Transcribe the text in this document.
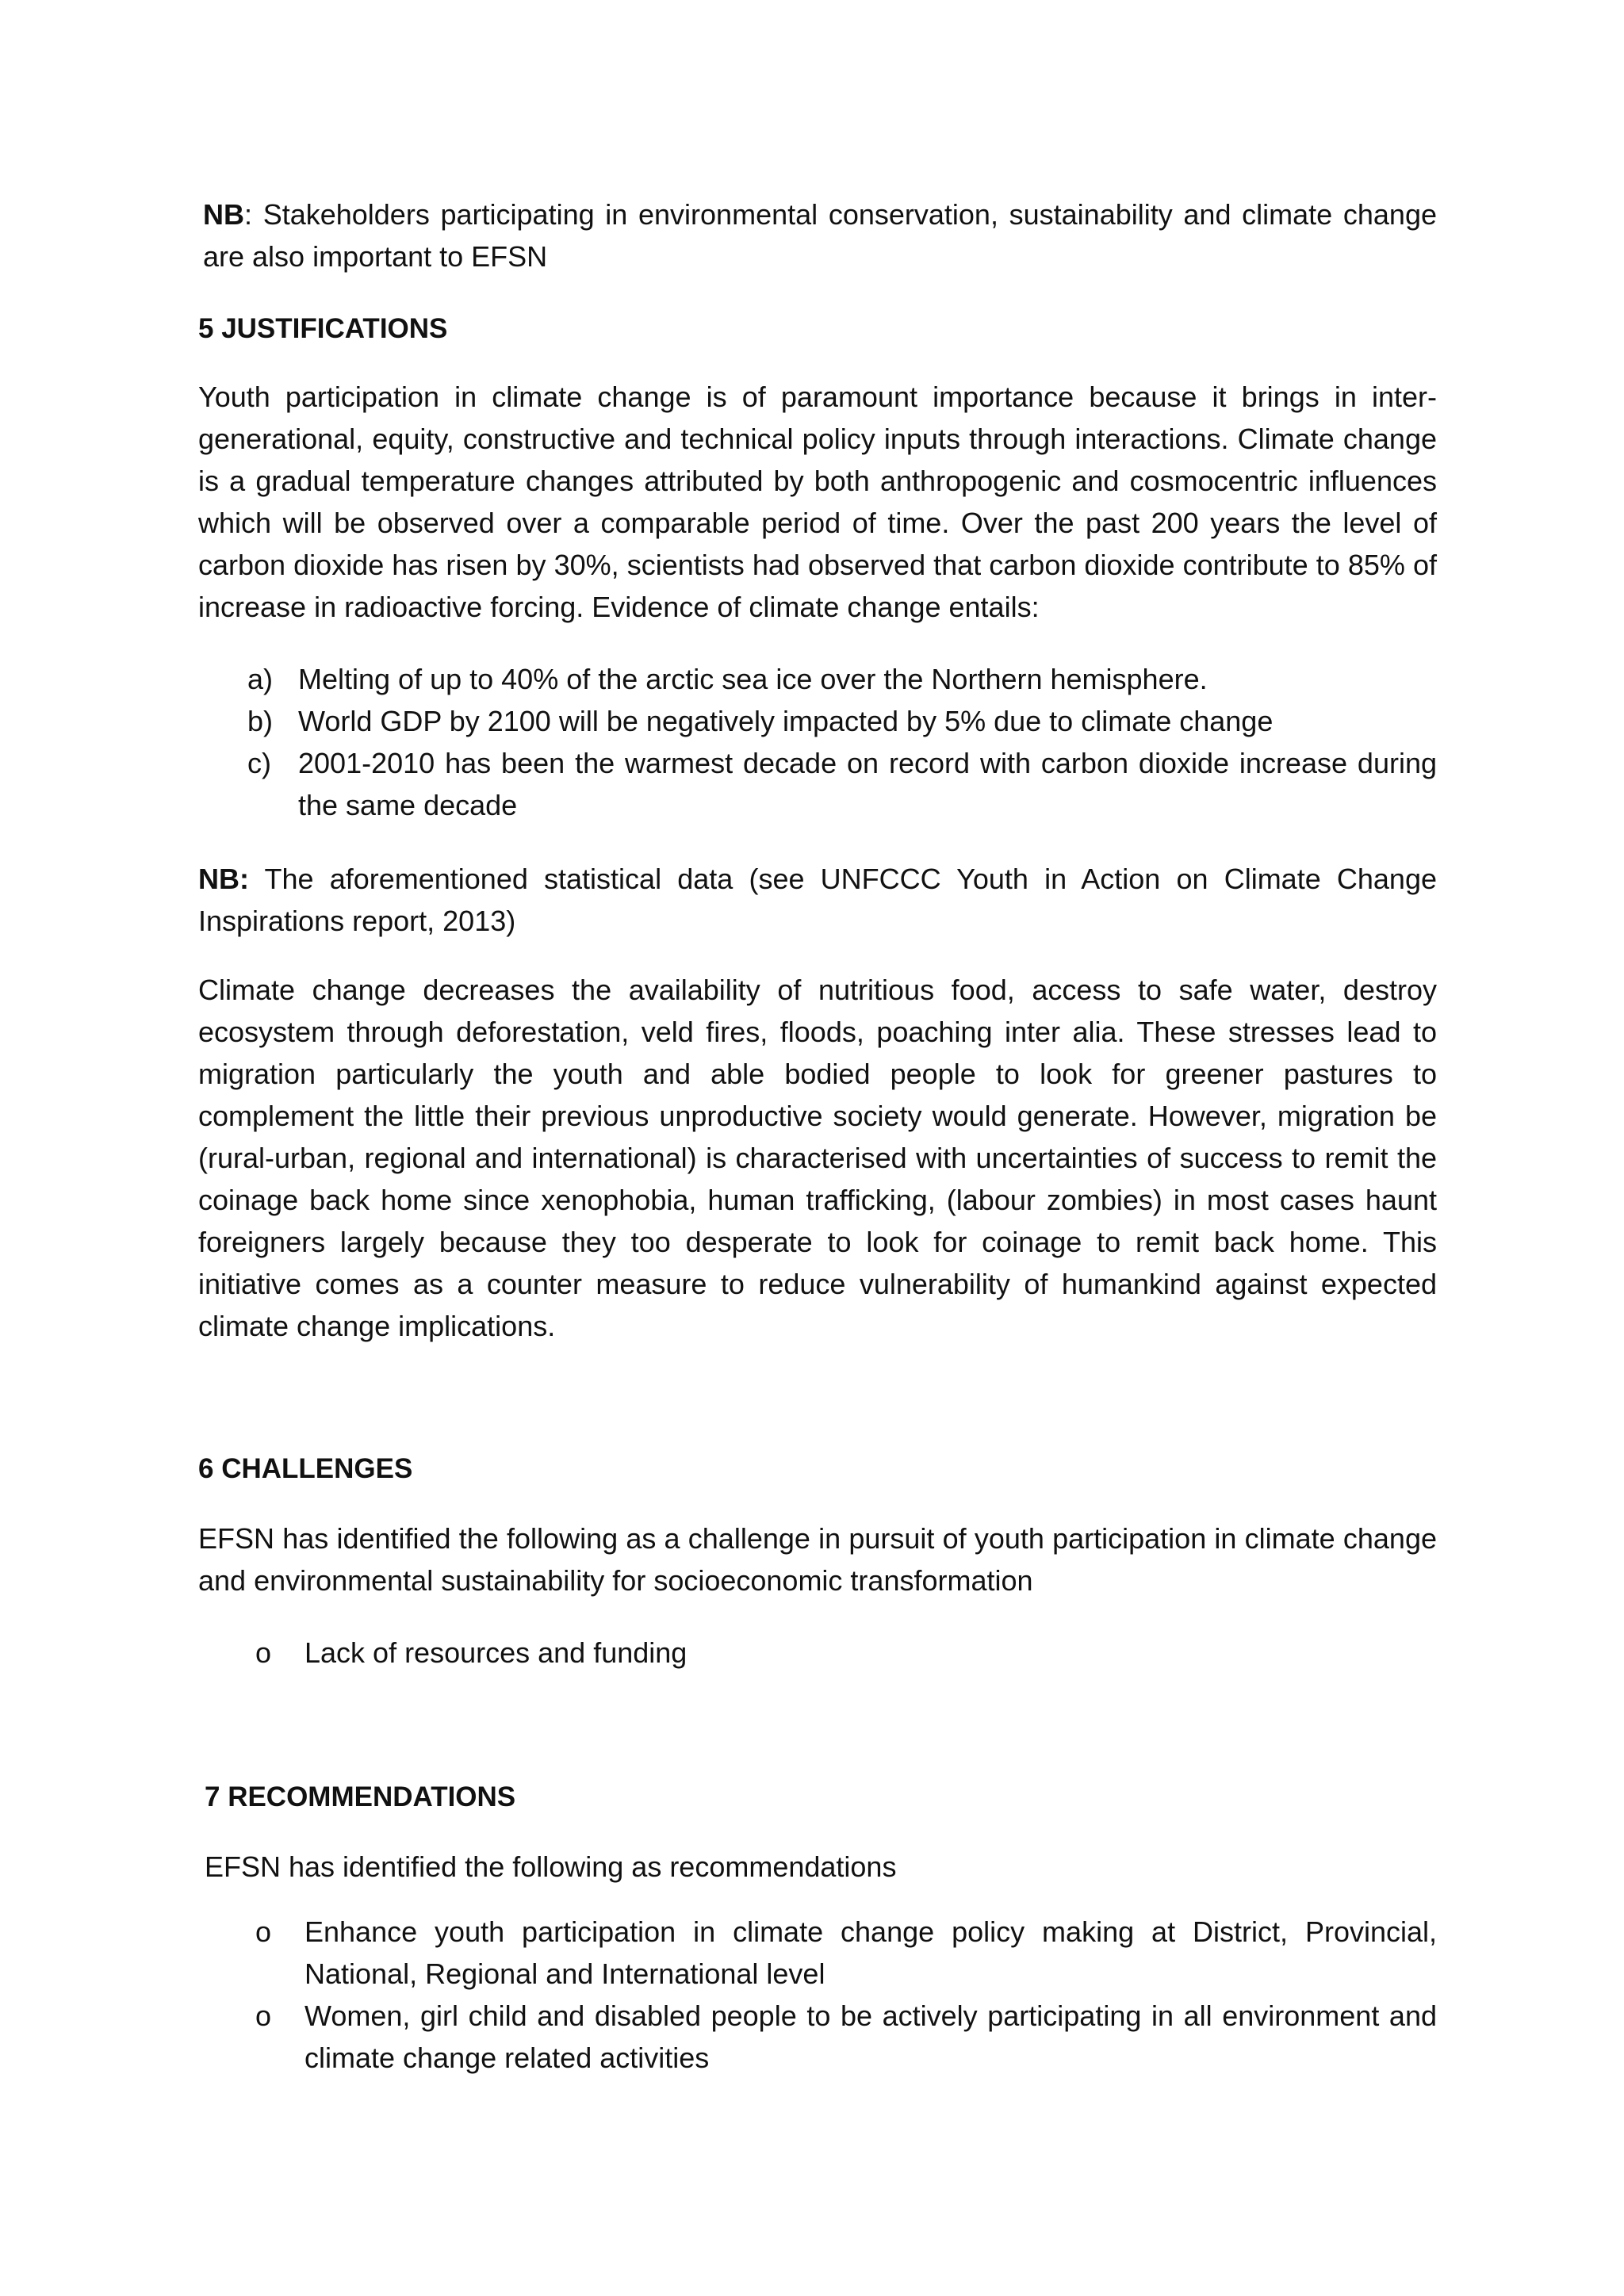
NB: Stakeholders participating in environmental conservation, sustainability and climate change are also important to EFSN

5 JUSTIFICATIONS

Youth participation in climate change is of paramount importance because it brings in inter-generational, equity, constructive and technical policy inputs through interactions. Climate change is a gradual temperature changes attributed by both anthropogenic and cosmocentric influences which will be observed over a comparable period of time. Over the past 200 years the level of carbon dioxide has risen by 30%, scientists had observed that carbon dioxide contribute to 85% of increase in radioactive forcing. Evidence of climate change entails:

a) Melting of up to 40% of the arctic sea ice over the Northern hemisphere.
b) World GDP by 2100 will be negatively impacted by 5% due to climate change
c) 2001-2010 has been the warmest decade on record with carbon dioxide increase during the same decade

NB: The aforementioned statistical data (see UNFCCC Youth in Action on Climate Change Inspirations report, 2013)

Climate change decreases the availability of nutritious food, access to safe water, destroy ecosystem through deforestation, veld fires, floods, poaching inter alia. These stresses lead to migration particularly the youth and able bodied people to look for greener pastures to complement the little their previous unproductive society would generate. However, migration be (rural-urban, regional and international) is characterised with uncertainties of success to remit the coinage back home since xenophobia, human trafficking, (labour zombies) in most cases haunt foreigners largely because they too desperate to look for coinage to remit back home. This initiative comes as a counter measure to reduce vulnerability of humankind against expected climate change implications.

6 CHALLENGES

EFSN has identified the following as a challenge in pursuit of youth participation in climate change and environmental sustainability for socioeconomic transformation

o Lack of resources and funding

7 RECOMMENDATIONS

EFSN has identified the following as recommendations

o Enhance youth participation in climate change policy making at District, Provincial, National, Regional and International level
o Women, girl child and disabled people to be actively participating in all environment and climate change related activities
